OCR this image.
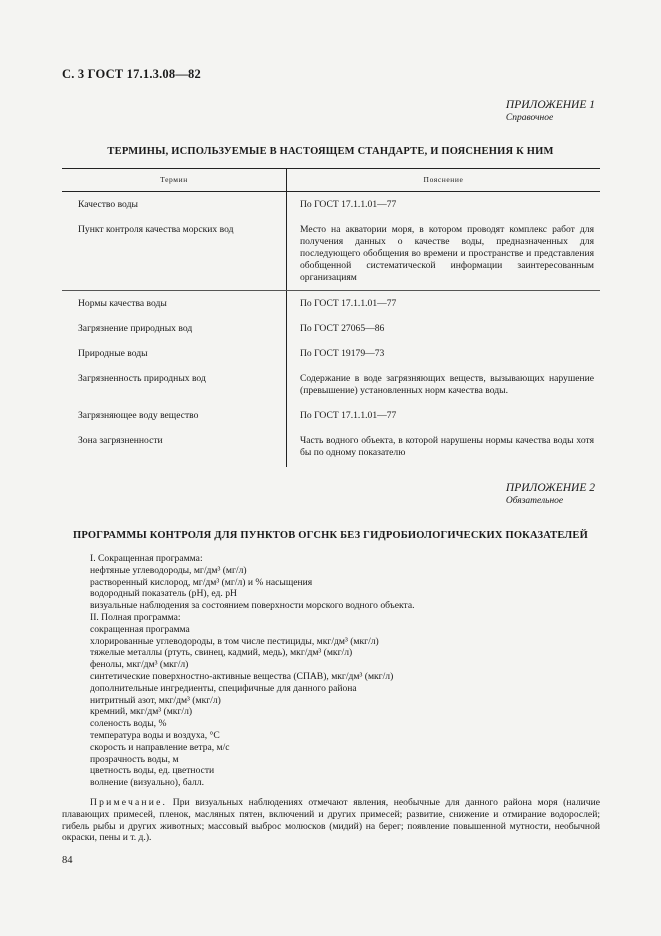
С. 3 ГОСТ 17.1.3.08—82
ПРИЛОЖЕНИЕ 1
Справочное
ТЕРМИНЫ, ИСПОЛЬЗУЕМЫЕ В НАСТОЯЩЕМ СТАНДАРТЕ, И ПОЯСНЕНИЯ К НИМ
Термин	Пояснение
Качество воды	По ГОСТ 17.1.1.01—77
Пункт контроля качества морских вод	Место на акватории моря, в котором проводят комплекс работ для получения данных о качестве воды, предназначенных для последующего обобщения во времени и пространстве и представления обобщенной систематической информации заинтересованным организациям
Нормы качества воды	По ГОСТ 17.1.1.01—77
Загрязнение природных вод	По ГОСТ 27065—86
Природные воды	По ГОСТ 19179—73
Загрязненность природных вод	Содержание в воде загрязняющих веществ, вызывающих нарушение (превышение) установленных норм качества воды.
Загрязняющее воду вещество	По ГОСТ 17.1.1.01—77
Зона загрязненности	Часть водного объекта, в которой нарушены нормы качества воды хотя бы по одному показателю
ПРИЛОЖЕНИЕ 2
Обязательное
ПРОГРАММЫ КОНТРОЛЯ ДЛЯ ПУНКТОВ ОГСНК БЕЗ ГИДРОБИОЛОГИЧЕСКИХ ПОКАЗАТЕЛЕЙ
I. Сокращенная программа:
нефтяные углеводороды, мг/дм³ (мг/л)
растворенный кислород, мг/дм³ (мг/л) и % насыщения
водородный показатель (pH), ед. pH
визуальные наблюдения за состоянием поверхности морского водного объекта.
II. Полная программа:
сокращенная программа
хлорированные углеводороды, в том числе пестициды, мкг/дм³ (мкг/л)
тяжелые металлы (ртуть, свинец, кадмий, медь), мкг/дм³ (мкг/л)
фенолы, мкг/дм³ (мкг/л)
синтетические поверхностно-активные вещества (СПАВ), мкг/дм³ (мкг/л)
дополнительные ингредиенты, специфичные для данного района
нитритный азот, мкг/дм³ (мкг/л)
кремний, мкг/дм³ (мкг/л)
соленость воды, %
температура воды и воздуха, °С
скорость и направление ветра, м/с
прозрачность воды, м
цветность воды, ед. цветности
волнение (визуально), балл.
Примечание. При визуальных наблюдениях отмечают явления, необычные для данного района моря (наличие плавающих примесей, пленок, масляных пятен, включений и других примесей; развитие, снижение и отмирание водорослей; гибель рыбы и других животных; массовый выброс молюсков (мидий) на берег; появление повышенной мутности, необычной окраски, пены и т. д.).
84
